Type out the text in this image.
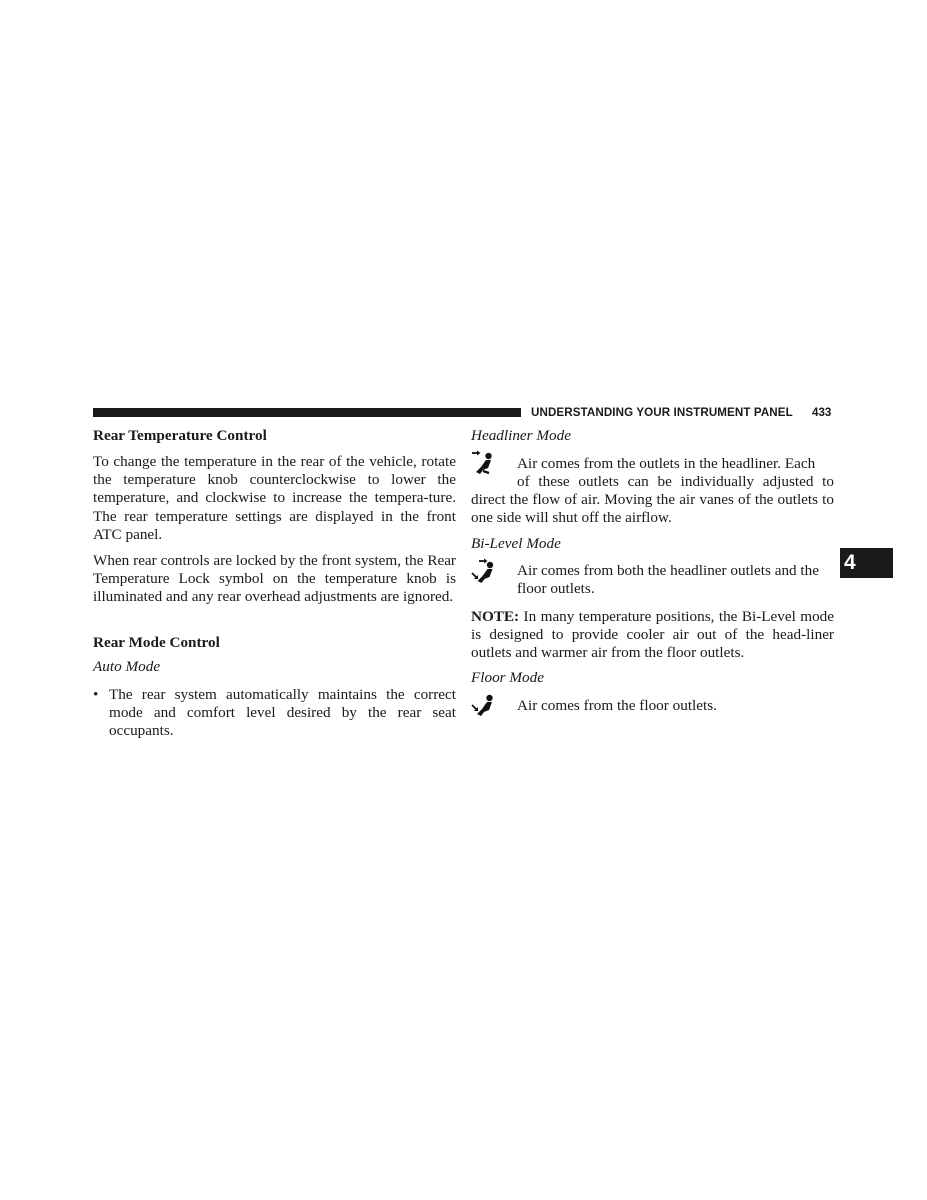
UNDERSTANDING YOUR INSTRUMENT PANEL 433
4
Rear Temperature Control
To change the temperature in the rear of the vehicle, rotate the temperature knob counterclockwise to lower the temperature, and clockwise to increase the tempera-ture. The rear temperature settings are displayed in the front ATC panel.
When rear controls are locked by the front system, the Rear Temperature Lock symbol on the temperature knob is illuminated and any rear overhead adjustments are ignored.
Rear Mode Control
Auto Mode
• The rear system automatically maintains the correct mode and comfort level desired by the rear seat occupants.
Headliner Mode
Air comes from the outlets in the headliner. Each
of these outlets can be individually adjusted to
direct the flow of air. Moving the air vanes of the outlets to one side will shut off the airflow.
Bi-Level Mode
Air comes from both the headliner outlets and the
floor outlets.
NOTE: In many temperature positions, the Bi-Level mode is designed to provide cooler air out of the head-liner outlets and warmer air from the floor outlets.
Floor Mode
Air comes from the floor outlets.
